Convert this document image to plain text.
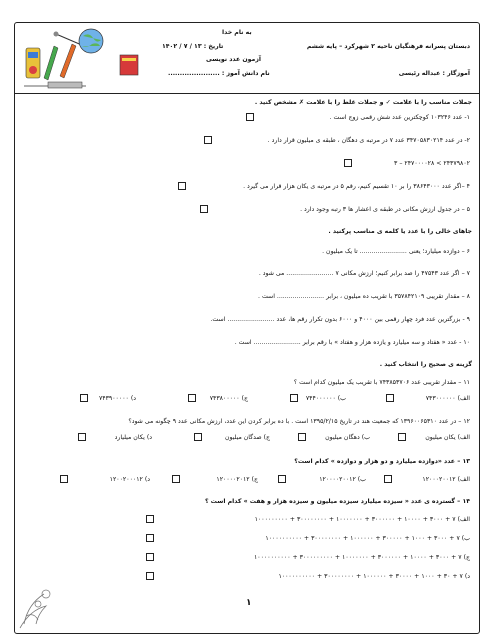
به نام خدا
دبستان پسرانه فرهنگیان ناحیه ۲ شهرکرد – پایه ششم
تاریخ : ۱۳ / ۷ / ۱۴۰۲
آزمون عدد نویسی
آموزگار : عبداله رئیسی
نام دانش آموز : ......................
جملات مناسب را با علامت ✓ و جملات غلط را با علامت ✗ مشخص کنید .
۱- عدد ۱۰۳۲۴۶ کوچکترین عدد شش رقمی زوج است .
۲- در عدد ۳۴۷۰۵۸۳۰۲۱۴ عدد ۷ در مرتبه ی دهگان ، طبقه ی میلیون قرار دارد .
۳ – ۲۴۷۰۰۰۰۲۸ < ۲۴۳۷۹۸۰۲
۴ –اگر عدد ۳۸۶۴۳۰۰۰ را بر ۱۰ تقسیم کنیم، رقم ۵ در مرتبه ی یکان هزار قرار می گیرد .
۵ – در جدول ارزش مکانی در طبقه ی اعشار ها ۳ رتبه وجود دارد .
جاهای خالی را با عدد یا کلمه ی مناسب پرکنید .
۶ – دوازده میلیارد؛ یعنی ........................ تا یک میلیون .
۷ – اگر عدد ۴۷۵۴۳ را صد برابر کنیم؛ ارزش مکانی ۷ ........................ می شود .
۸ – مقدار تقریبی ۳۵۷۸۴۲۱۰۹ با تقریب ده میلیون ، برابر ........................ است .
۹ - بزرگترین عدد فرد چهار رقمی بین ۴۰۰۰ و ۶۰۰۰ بدون تکرار رقم ها، عدد ........................ است.
۱۰ - عدد « هفتاد و سه میلیارد و یازده هزار و هفتاد » با رقم برابر ........................ است .
گزینه ی صحیح را انتخاب کنید .
۱۱ – مقدار تقریبی عدد ۷۴۳۸۵۳۷۰۶ با تقریب یک میلیون کدام است ؟
الف) ۷۴۳۰۰۰۰۰۰
ب) ۷۴۴۰۰۰۰۰۰
ج) ۷۴۳۸۰۰۰۰۰
د) ۷۴۳۹۰۰۰۰۰
۱۲ – در عدد ۱۳۹۶۰۰۶۵۳۱۰ که جمعیت هند در تاریخ ۱۳۹۵/۲/۱۵ است . با ده برابر کردن این عدد، ارزش مکانی عدد ۹ چگونه می شود؟
الف) یکان میلیون
ب) دهگان میلیون
ج) صدگان میلیون
د) یکان میلیارد
۱۳ – عدد «دوازده میلیارد و دو هزار و دوازده » کدام است؟
الف) ۱۲۰۰۰۲۰۰۱۲
ب) ۱۲۰۰۰۰۲۰۰۱۲
ج) ۱۲۰۰۰۰۲۰۱۲
د) ۱۲۰۰۲۰۰۰۱۲
۱۴ – گسترده ی عدد « سیزده میلیارد سیزده میلیون و سیزده هزار و هفت » کدام است ؟
الف) ۷ + ۳۰۰۰ + ۱۰۰۰۰ + ۳۰۰۰۰۰۰ + ۱۰۰۰۰۰۰۰ + ۳۰۰۰۰۰۰۰۰ + ۱۰۰۰۰۰۰۰۰۰
ب) ۷ + ۳۰۰۰ + ۱۰۰۰ + ۳۰۰۰۰۰ + ۱۰۰۰۰۰۰ + ۳۰۰۰۰۰۰۰۰ + ۱۰۰۰۰۰۰۰۰۰۰
ج) ۷ + ۳۰۰۰ + ۱۰۰۰۰ + ۳۰۰۰۰۰۰ + ۱۰۰۰۰۰۰۰ + ۳۰۰۰۰۰۰۰۰۰ + ۱۰۰۰۰۰۰۰۰۰۰
د) ۷ + ۳۰ + ۱۰۰۰ + ۳۰۰۰۰ + ۱۰۰۰۰۰۰ + ۳۰۰۰۰۰۰۰۰ + ۱۰۰۰۰۰۰۰۰۰۰
۱
